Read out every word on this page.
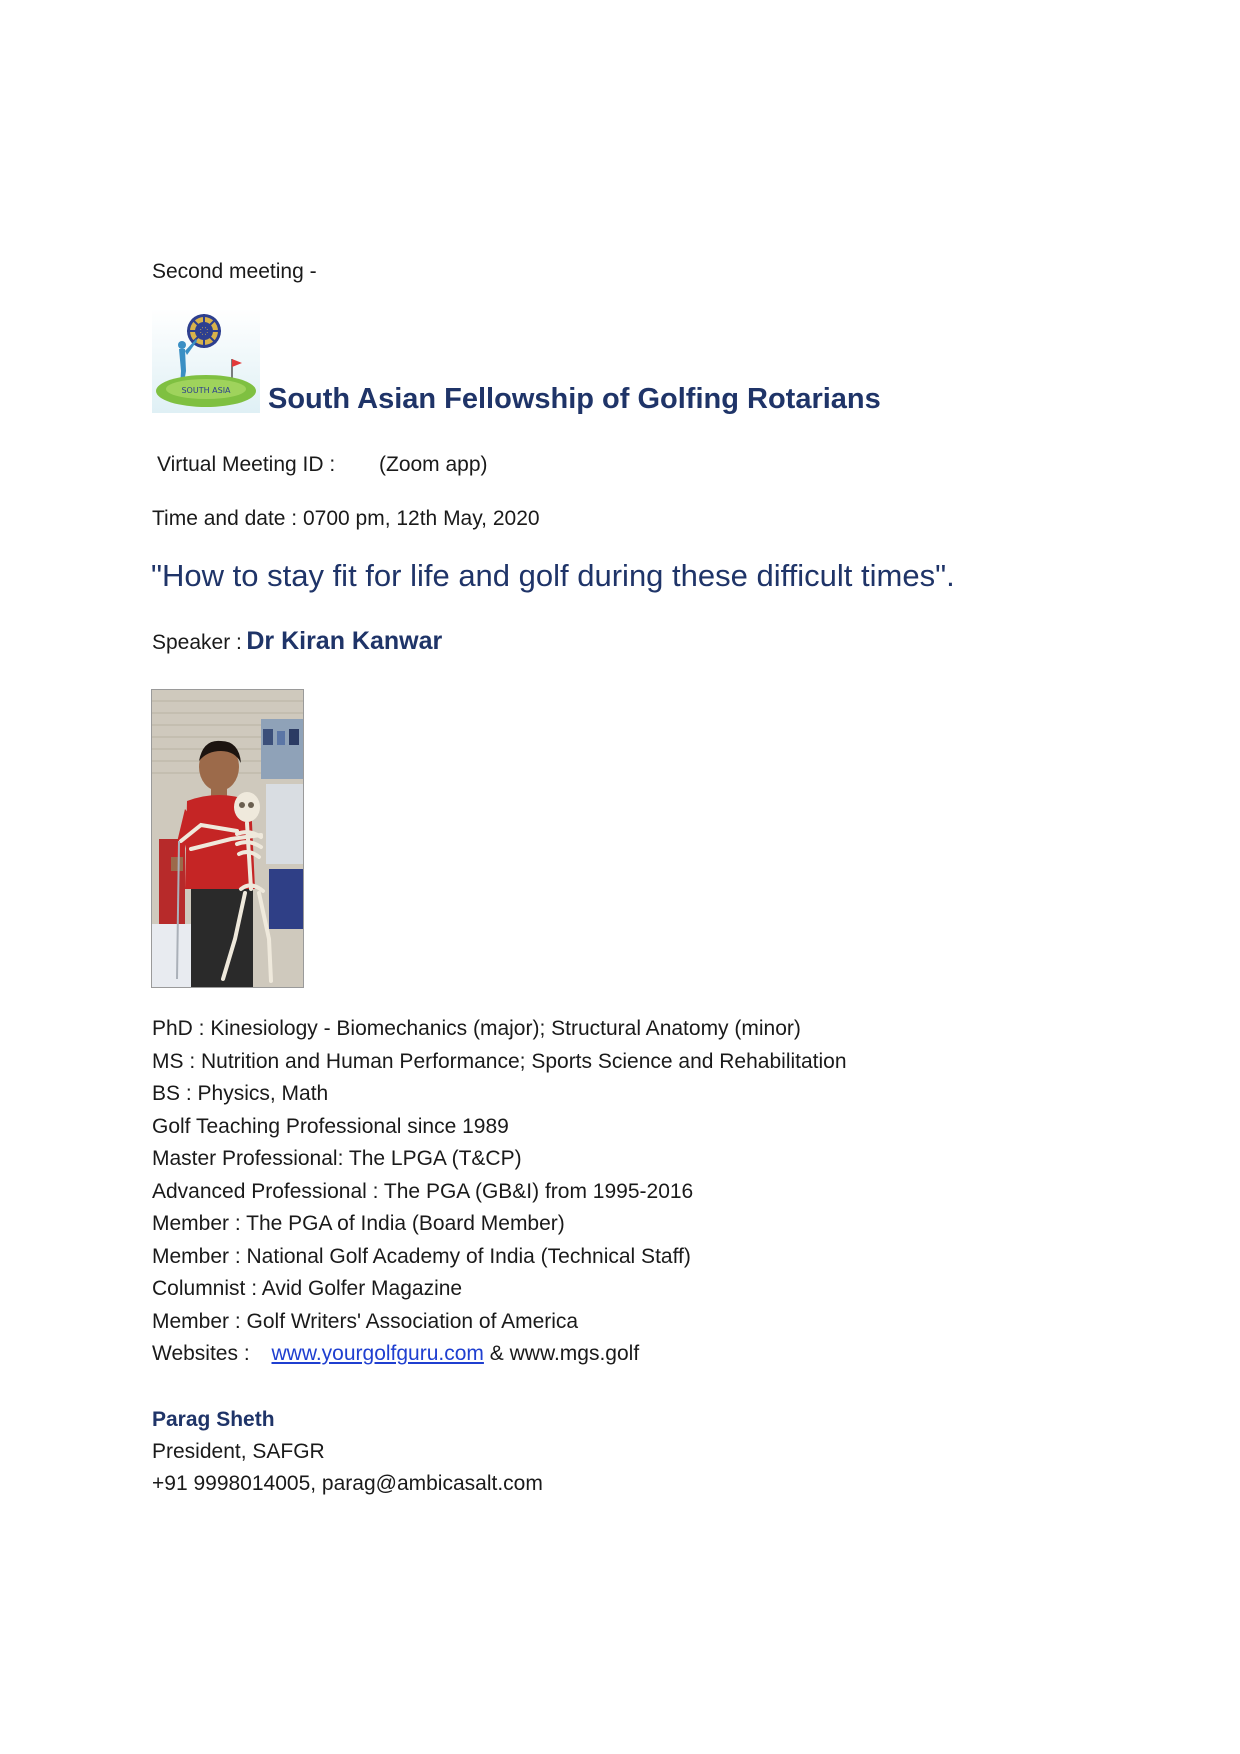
Second meeting -
SOUTH ASIA South Asian Fellowship of Golfing Rotarians
Virtual Meeting ID : (Zoom app)
Time and date : 0700 pm, 12th May, 2020
"How to stay fit for life and golf during these difficult times".
Speaker : Dr Kiran Kanwar
PhD : Kinesiology - Biomechanics (major); Structural Anatomy (minor)
MS : Nutrition and Human Performance; Sports Science and Rehabilitation
BS : Physics, Math
Golf Teaching Professional since 1989
Master Professional: The LPGA (T&CP)
Advanced Professional : The PGA (GB&I) from 1995-2016
Member : The PGA of India (Board Member)
Member : National Golf Academy of India (Technical Staff)
Columnist : Avid Golfer Magazine
Member : Golf Writers' Association of America
Websites : www.yourgolfguru.com & www.mgs.golf
Parag Sheth
President, SAFGR
+91 9998014005, parag@ambicasalt.com
